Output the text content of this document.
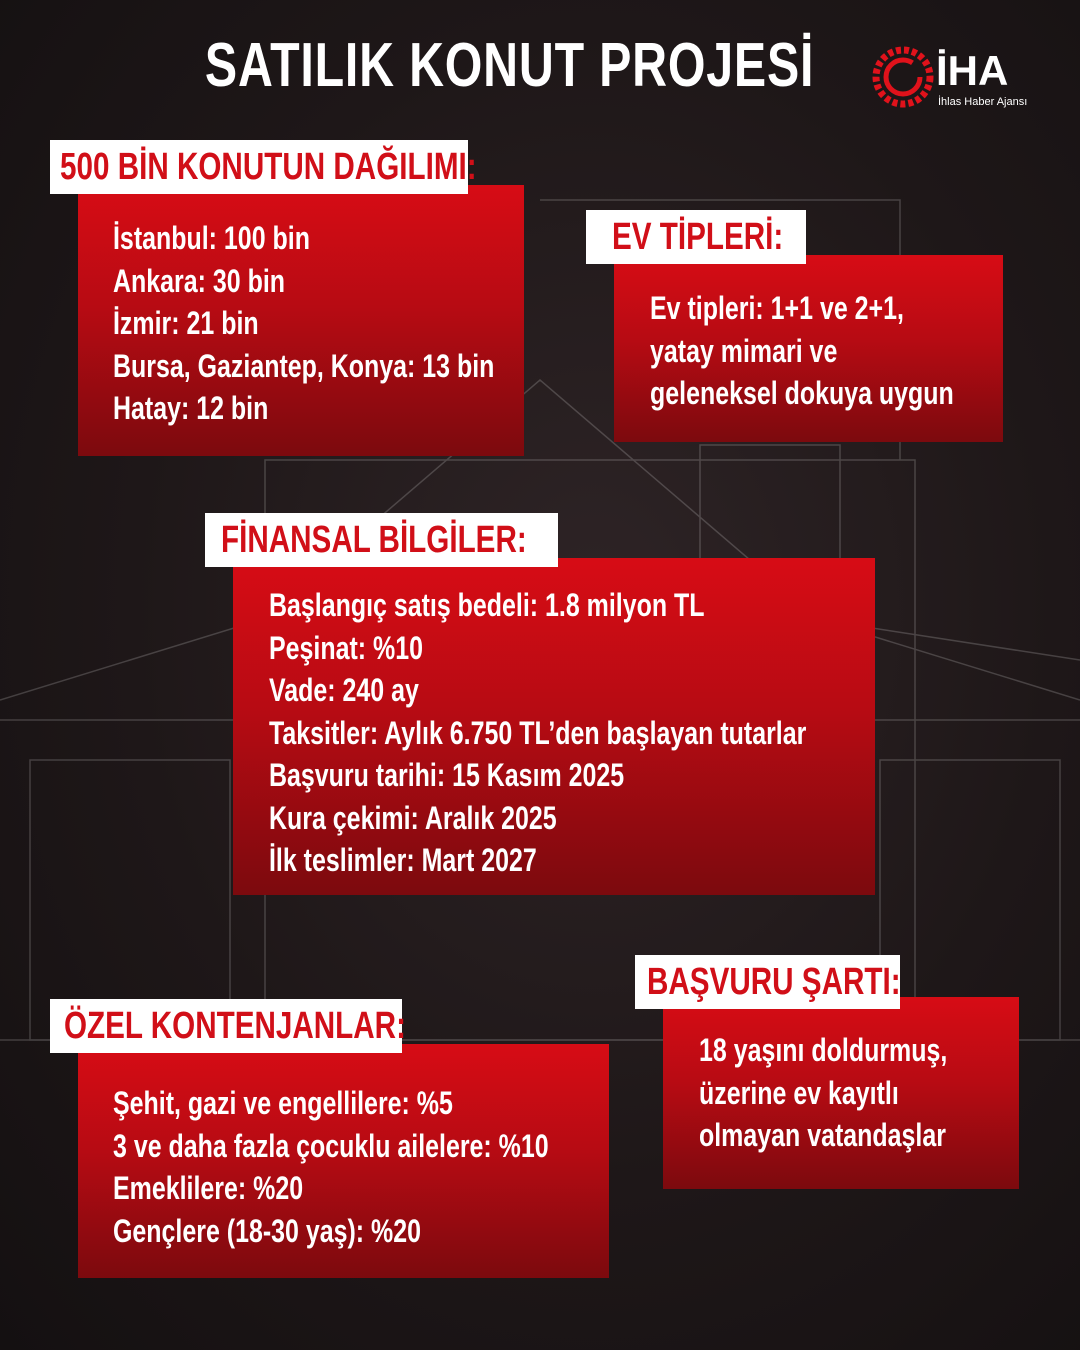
SATILIK KONUT PROJESİ	İHA
İhlas Haber Ajansı
500 BİN KONUTUN DAĞILIMI:
İstanbul: 100 bin
Ankara: 30 bin
İzmir: 21 bin
Bursa, Gaziantep, Konya: 13 bin
Hatay: 12 bin
EV TİPLERİ:
Ev tipleri: 1+1 ve 2+1,
yatay mimari ve
geleneksel dokuya uygun
FİNANSAL BİLGİLER:
Başlangıç satış bedeli: 1.8 milyon TL
Peşinat: %10
Vade: 240 ay
Taksitler: Aylık 6.750 TL’den başlayan tutarlar
Başvuru tarihi: 15 Kasım 2025
Kura çekimi: Aralık 2025
İlk teslimler: Mart 2027
BAŞVURU ŞARTI:
18 yaşını doldurmuş,
üzerine ev kayıtlı
olmayan vatandaşlar
ÖZEL KONTENJANLAR:
Şehit, gazi ve engellilere: %5
3 ve daha fazla çocuklu ailelere: %10
Emeklilere: %20
Gençlere (18-30 yaş): %20
